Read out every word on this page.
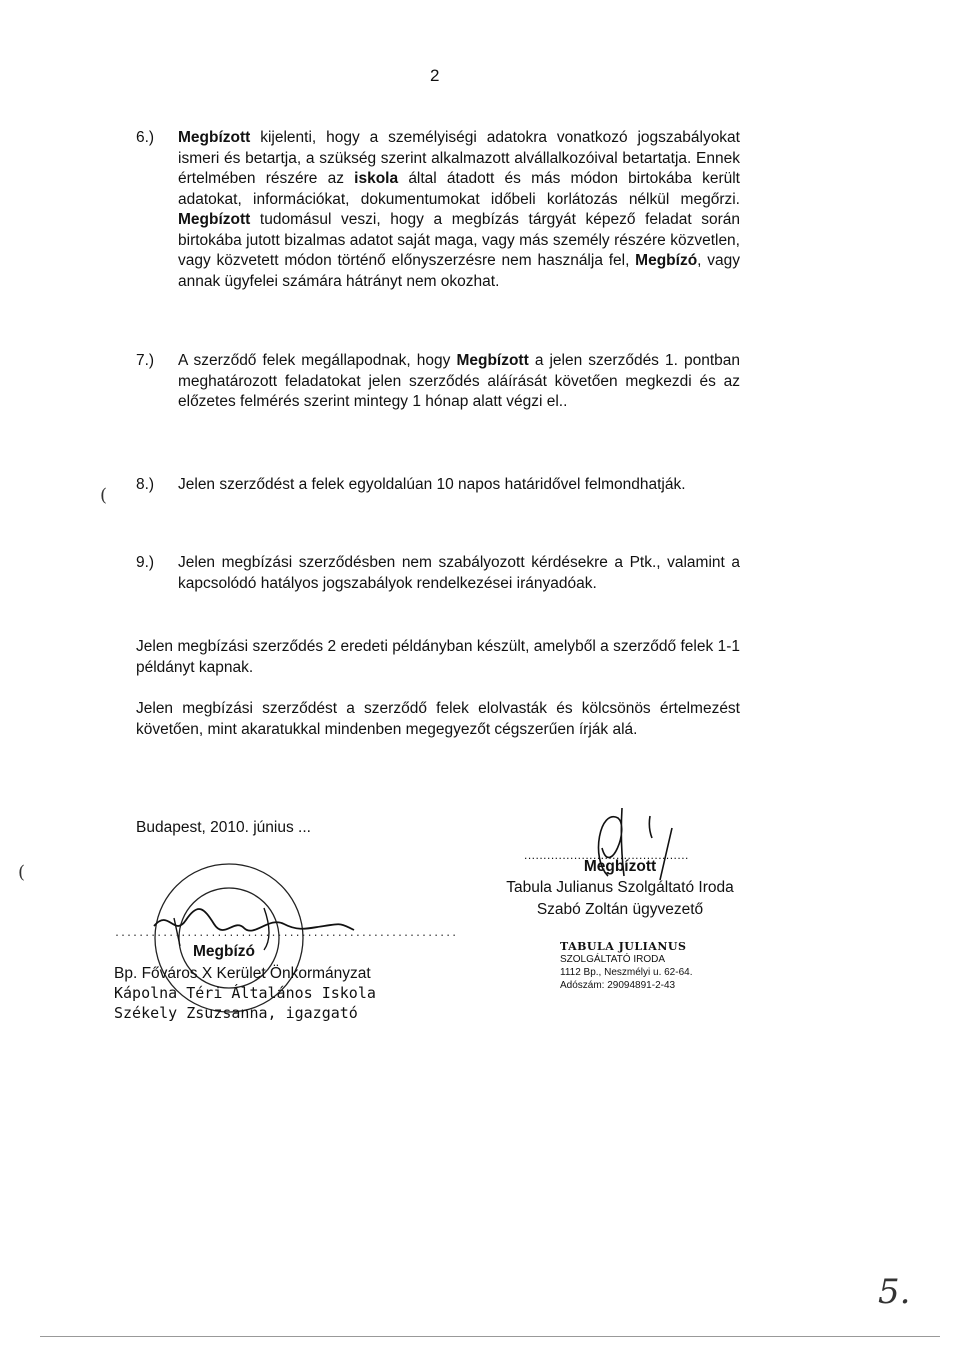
2
6.) Megbízott kijelenti, hogy a személyiségi adatokra vonatkozó jogszabályokat ismeri és betartja, a szükség szerint alkalmazott alvállalkozóival betartatja. Ennek értelmében részére az iskola által átadott és más módon birtokába került adatokat, információkat, dokumentumokat időbeli korlátozás nélkül megőrzi. Megbízott tudomásul veszi, hogy a megbízás tárgyát képező feladat során birtokába jutott bizalmas adatot saját maga, vagy más személy részére közvetlen, vagy közvetett módon történő előnyszerzésre nem használja fel, Megbízó, vagy annak ügyfelei számára hátrányt nem okozhat.
7.) A szerződő felek megállapodnak, hogy Megbízott a jelen szerződés 1. pontban meghatározott feladatokat jelen szerződés aláírását követően megkezdi és az előzetes felmérés szerint mintegy 1 hónap alatt végzi el..
8.) Jelen szerződést a felek egyoldalúan 10 napos határidővel felmondhatják.
9.) Jelen megbízási szerződésben nem szabályozott kérdésekre a Ptk., valamint a kapcsolódó hatályos jogszabályok rendelkezései irányadóak.
Jelen megbízási szerződés 2 eredeti példányban készült, amelyből a szerződő felek 1-1 példányt kapnak.
Jelen megbízási szerződést a szerződő felek elolvasták és kölcsönös értelmezést követően, mint akaratukkal mindenben megegyezőt cégszerűen írják alá.
Budapest, 2010. június ...
.........................................................
Megbízó
Bp. Főváros X Kerület Önkormányzat
Kápolna Téri Általános Iskola
Székely Zsuzsanna, igazgató
...........................................
Megbízott
Tabula Julianus Szolgáltató Iroda
Szabó Zoltán ügyvezető
TABULA JULIANUS
SZOLGÁLTATÓ IRODA
1112 Bp., Neszmélyi u. 62-64.
Adószám: 29094891-2-43
(
(
5.
